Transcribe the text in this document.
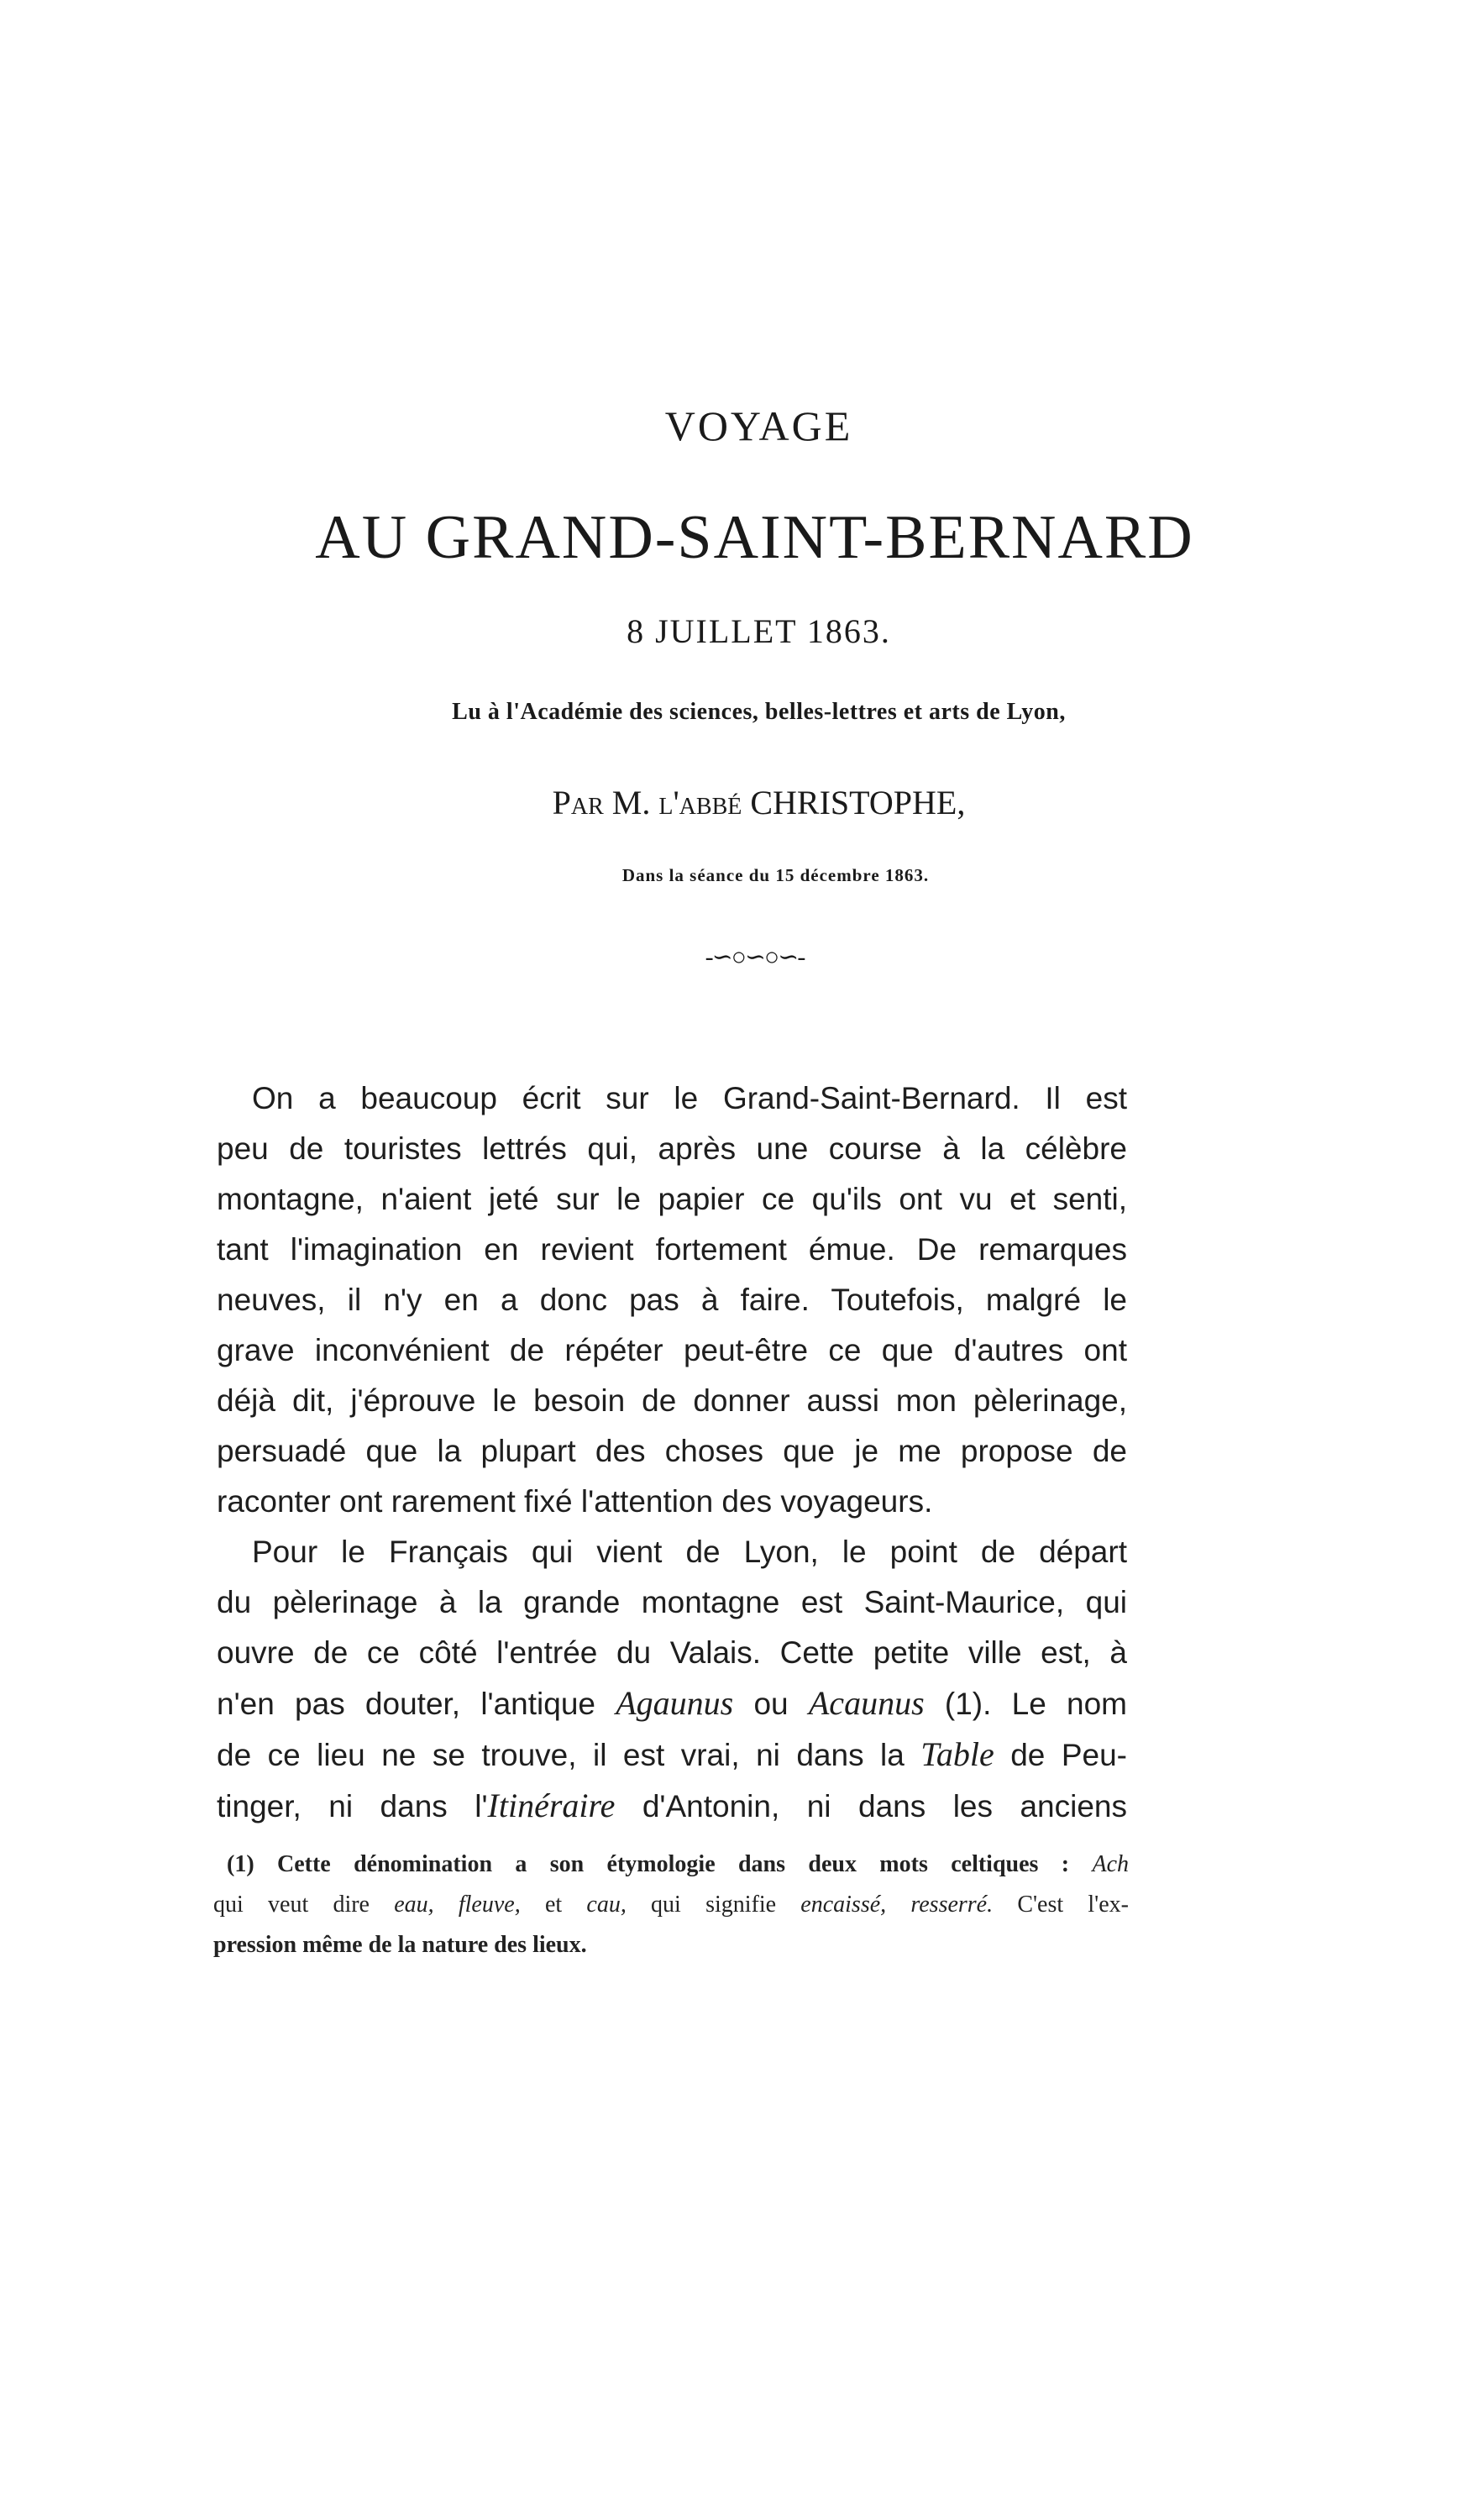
VOYAGE
AU GRAND-SAINT-BERNARD
8 JUILLET 1863.
Lu à l'Académie des sciences, belles-lettres et arts de Lyon,
Par M. l'abbé CHRISTOPHE,
Dans la séance du 15 décembre 1863.
-∽○∽○∽-
On a beaucoup écrit sur le Grand-Saint-Bernard. Il est
peu de touristes lettrés qui, après une course à la célèbre
montagne, n'aient jeté sur le papier ce qu'ils ont vu et senti,
tant l'imagination en revient fortement émue. De remarques
neuves, il n'y en a donc pas à faire. Toutefois, malgré le
grave inconvénient de répéter peut-être ce que d'autres ont
déjà dit, j'éprouve le besoin de donner aussi mon pèlerinage,
persuadé que la plupart des choses que je me propose de
raconter ont rarement fixé l'attention des voyageurs.
Pour le Français qui vient de Lyon, le point de départ
du pèlerinage à la grande montagne est Saint-Maurice, qui
ouvre de ce côté l'entrée du Valais. Cette petite ville est, à
n'en pas douter, l'antique Agaunus ou Acaunus (1). Le nom
de ce lieu ne se trouve, il est vrai, ni dans la Table de Peu-
tinger, ni dans l'Itinéraire d'Antonin, ni dans les anciens
(1) Cette dénomination a son étymologie dans deux mots celtiques : Ach
qui veut dire eau, fleuve, et cau, qui signifie encaissé, resserré. C'est l'ex-
pression même de la nature des lieux.
